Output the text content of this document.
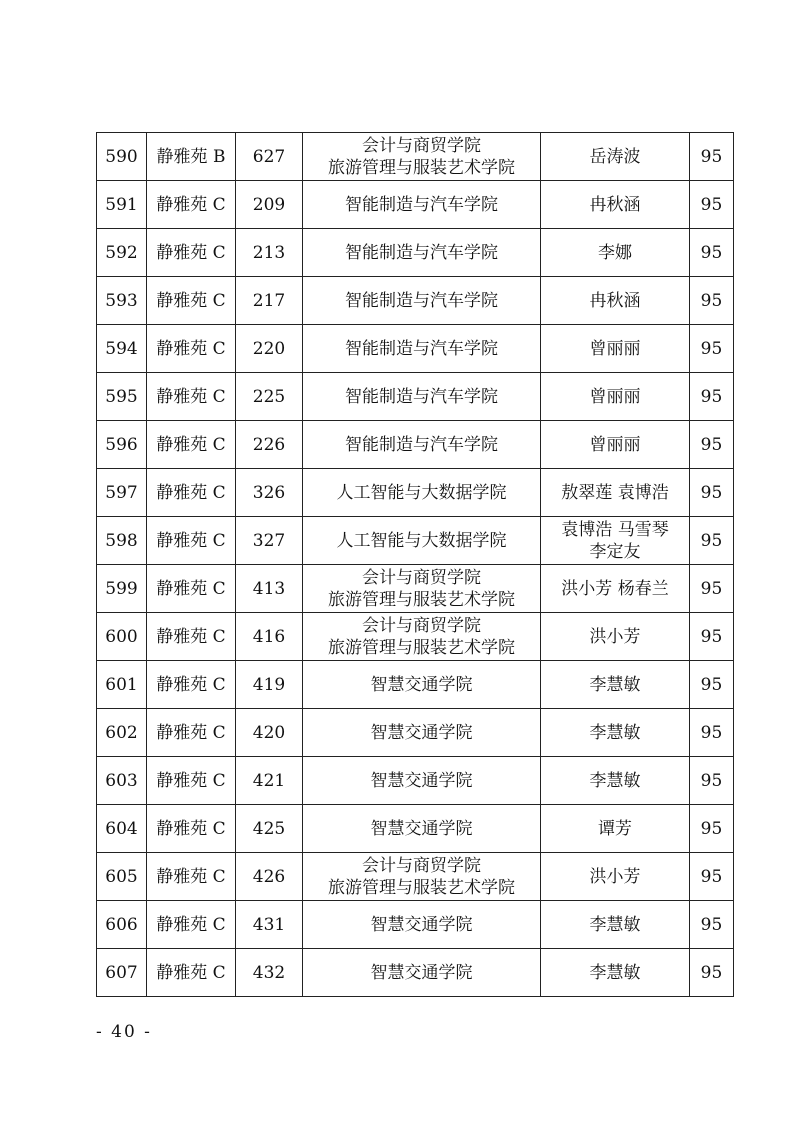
590	静雅苑 B	627	会计与商贸学院
旅游管理与服装艺术学院	岳涛波	95
591	静雅苑 C	209	智能制造与汽车学院	冉秋涵	95
592	静雅苑 C	213	智能制造与汽车学院	李娜	95
593	静雅苑 C	217	智能制造与汽车学院	冉秋涵	95
594	静雅苑 C	220	智能制造与汽车学院	曾丽丽	95
595	静雅苑 C	225	智能制造与汽车学院	曾丽丽	95
596	静雅苑 C	226	智能制造与汽车学院	曾丽丽	95
597	静雅苑 C	326	人工智能与大数据学院	敖翠莲 袁博浩	95
598	静雅苑 C	327	人工智能与大数据学院	袁博浩 马雪琴
李定友	95
599	静雅苑 C	413	会计与商贸学院
旅游管理与服装艺术学院	洪小芳 杨春兰	95
600	静雅苑 C	416	会计与商贸学院
旅游管理与服装艺术学院	洪小芳	95
601	静雅苑 C	419	智慧交通学院	李慧敏	95
602	静雅苑 C	420	智慧交通学院	李慧敏	95
603	静雅苑 C	421	智慧交通学院	李慧敏	95
604	静雅苑 C	425	智慧交通学院	谭芳	95
605	静雅苑 C	426	会计与商贸学院
旅游管理与服装艺术学院	洪小芳	95
606	静雅苑 C	431	智慧交通学院	李慧敏	95
607	静雅苑 C	432	智慧交通学院	李慧敏	95
- 40 -
